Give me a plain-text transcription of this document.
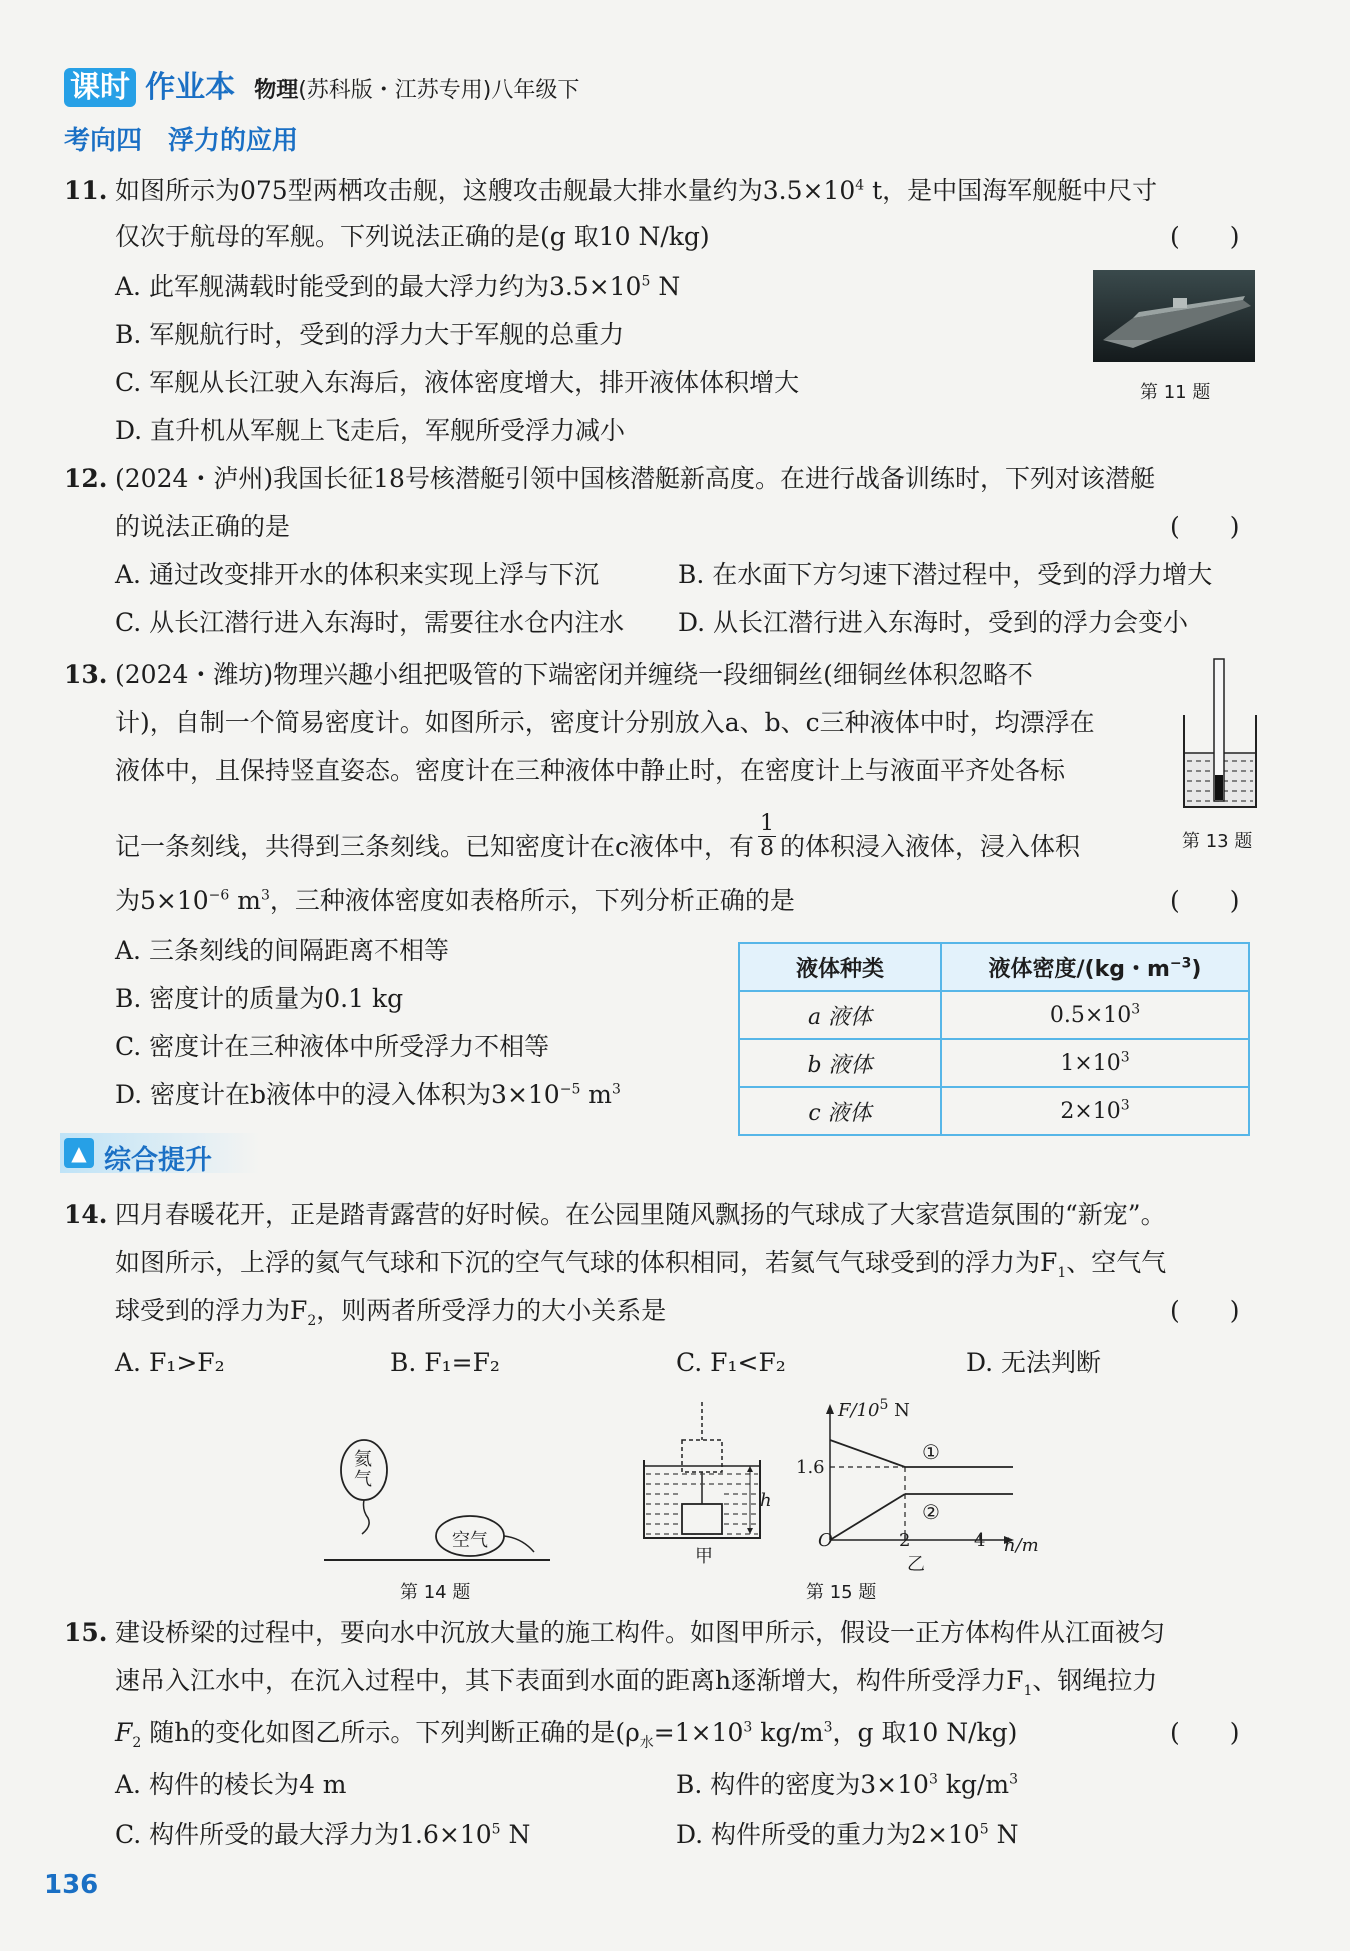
课时 作业本 物理(苏科版・江苏专用)八年级下
考向四　浮力的应用
11. 如图所示为075型两栖攻击舰，这艘攻击舰最大排水量约为$3.5\times 10^4$ t，是中国海军舰艇中尺寸
仅次于航母的军舰。下列说法正确的是(g 取10 N/kg)	(　　)
A. 此军舰满载时能受到的最大浮力约为$3.5\times 10^5$ N
B. 军舰航行时，受到的浮力大于军舰的总重力
C. 军舰从长江驶入东海后，液体密度增大，排开液体体积增大
D. 直升机从军舰上飞走后，军舰所受浮力减小
第 11 题
12. (2024・泸州)我国长征18号核潜艇引领中国核潜艇新高度。在进行战备训练时，下列对该潜艇
的说法正确的是	(　　)
A. 通过改变排开水的体积来实现上浮与下沉	B. 在水面下方匀速下潜过程中，受到的浮力增大
C. 从长江潜行进入东海时，需要往水仓内注水 D. 从长江潜行进入东海时，受到的浮力会变小
13. (2024・潍坊)物理兴趣小组把吸管的下端密闭并缠绕一段细铜丝(细铜丝体积忽略不
计)，自制一个简易密度计。如图所示，密度计分别放入a、b、c三种液体中时，均漂浮在
液体中，且保持竖直姿态。密度计在三种液体中静止时，在密度计上与液面平齐处各标
记一条刻线，共得到三条刻线。已知密度计在c液体中，有 $\frac{1}{8}$ 的体积浸入液体，浸入体积
为$5\times 10^{-6}$ $m^3$，三种液体密度如表格所示，下列分析正确的是	(　　)
A. 三条刻线的间隔距离不相等
B. 密度计的质量为0.1 kg
C. 密度计在三种液体中所受浮力不相等
D. 密度计在b液体中的浸入体积为$3\times 10^{-5}$ $m^3$
第 13 题
液体种类	液体密度/(kg・$m^{-3}$)
a 液体	$0.5\times 10^3$
b 液体	$1\times 10^3$
c 液体	$2\times 10^3$
▲ 综合提升
14. 四月春暖花开，正是踏青露营的好时候。在公园里随风飘扬的气球成了大家营造氛围的“新宠”。
如图所示，上浮的氦气气球和下沉的空气气球的体积相同，若氦气气球受到的浮力为$F_1$、空气气
球受到的浮力为$F_2$，则两者所受浮力的大小关系是	(　　)
A. F₁>F₂	B. F₁=F₂	C. F₁<F₂	D. 无法判断
氦气
空气
第 14 题
h
甲
$F/10^5$ N
1.6
O	2	4 h/m
①
②
乙
第 15 题
15. 建设桥梁的过程中，要向水中沉放大量的施工构件。如图甲所示，假设一正方体构件从江面被匀
速吊入江水中，在沉入过程中，其下表面到水面的距离h逐渐增大，构件所受浮力$F_1$、钢绳拉力
$F_2$ 随h的变化如图乙所示。下列判断正确的是($\rho_水=1\times 10^3$ $kg/m^3$，g 取10 N/kg)	(　　)
A. 构件的棱长为4 m	B. 构件的密度为$3\times 10^3$ $kg/m^3$
C. 构件所受的最大浮力为$1.6\times 10^5$ N	D. 构件所受的重力为$2\times 10^5$ N
136
